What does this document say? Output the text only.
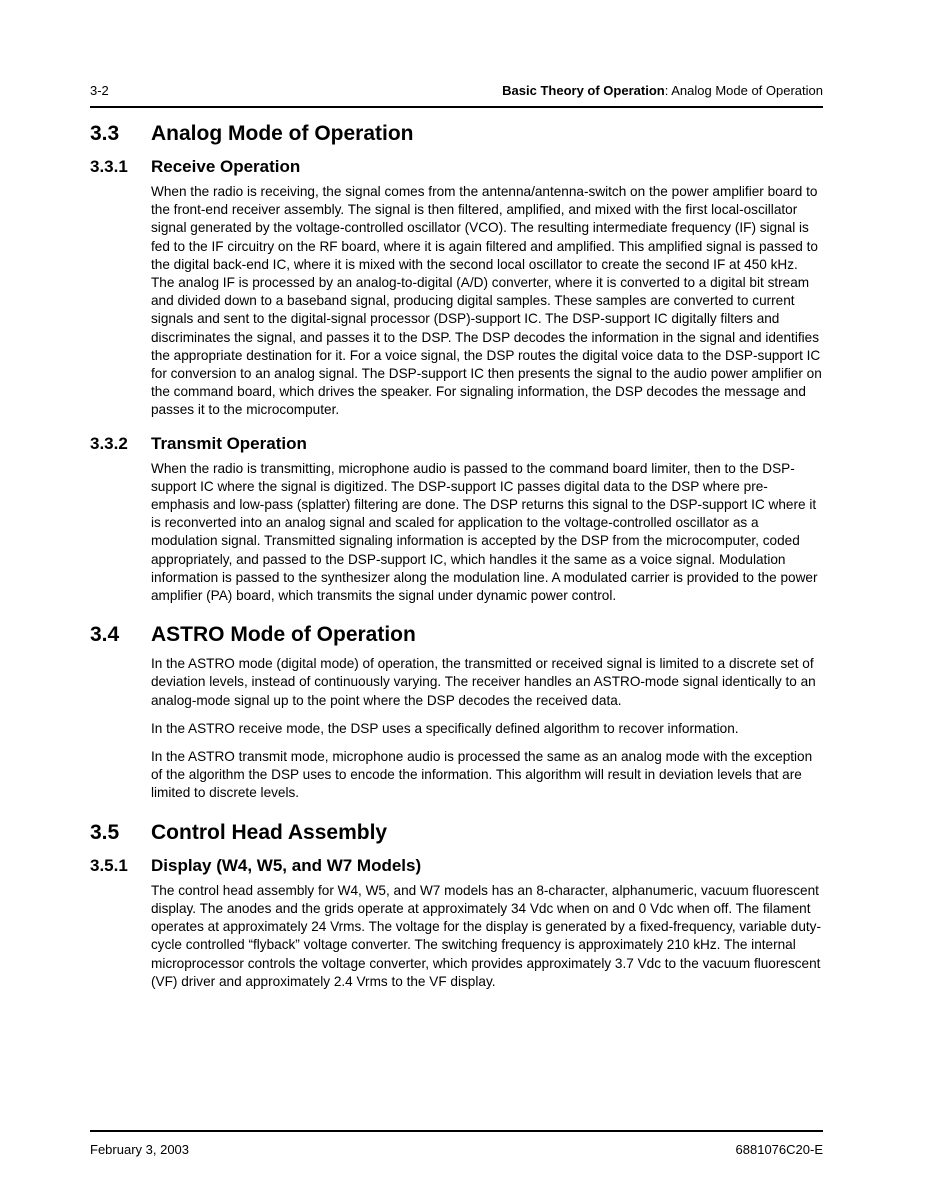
3-2	Basic Theory of Operation: Analog Mode of Operation
3.3 Analog Mode of Operation
3.3.1 Receive Operation

When the radio is receiving, the signal comes from the antenna/antenna-switch on the power amplifier board to the front-end receiver assembly. The signal is then filtered, amplified, and mixed with the first local-oscillator signal generated by the voltage-controlled oscillator (VCO). The resulting intermediate frequency (IF) signal is fed to the IF circuitry on the RF board, where it is again filtered and amplified. This amplified signal is passed to the digital back-end IC, where it is mixed with the second local oscillator to create the second IF at 450 kHz. The analog IF is processed by an analog-to-digital (A/D) converter, where it is converted to a digital bit stream and divided down to a baseband signal, producing digital samples. These samples are converted to current signals and sent to the digital-signal processor (DSP)-support IC. The DSP-support IC digitally filters and discriminates the signal, and passes it to the DSP. The DSP decodes the information in the signal and identifies the appropriate destination for it. For a voice signal, the DSP routes the digital voice data to the DSP-support IC for conversion to an analog signal. The DSP-support IC then presents the signal to the audio power amplifier on the command board, which drives the speaker. For signaling information, the DSP decodes the message and passes it to the microcomputer.

3.3.2 Transmit Operation

When the radio is transmitting, microphone audio is passed to the command board limiter, then to the DSP-support IC where the signal is digitized. The DSP-support IC passes digital data to the DSP where pre-emphasis and low-pass (splatter) filtering are done. The DSP returns this signal to the DSP-support IC where it is reconverted into an analog signal and scaled for application to the voltage-controlled oscillator as a modulation signal. Transmitted signaling information is accepted by the DSP from the microcomputer, coded appropriately, and passed to the DSP-support IC, which handles it the same as a voice signal. Modulation information is passed to the synthesizer along the modulation line. A modulated carrier is provided to the power amplifier (PA) board, which transmits the signal under dynamic power control.

3.4 ASTRO Mode of Operation

In the ASTRO mode (digital mode) of operation, the transmitted or received signal is limited to a discrete set of deviation levels, instead of continuously varying. The receiver handles an ASTRO-mode signal identically to an analog-mode signal up to the point where the DSP decodes the received data.

In the ASTRO receive mode, the DSP uses a specifically defined algorithm to recover information.

In the ASTRO transmit mode, microphone audio is processed the same as an analog mode with the exception of the algorithm the DSP uses to encode the information. This algorithm will result in deviation levels that are limited to discrete levels.

3.5 Control Head Assembly
3.5.1 Display (W4, W5, and W7 Models)

The control head assembly for W4, W5, and W7 models has an 8-character, alphanumeric, vacuum fluorescent display. The anodes and the grids operate at approximately 34 Vdc when on and 0 Vdc when off. The filament operates at approximately 24 Vrms. The voltage for the display is generated by a fixed-frequency, variable duty-cycle controlled “flyback” voltage converter. The switching frequency is approximately 210 kHz. The internal microprocessor controls the voltage converter, which provides approximately 3.7 Vdc to the vacuum fluorescent (VF) driver and approximately 2.4 Vrms to the VF display.

February 3, 2003	6881076C20-E
